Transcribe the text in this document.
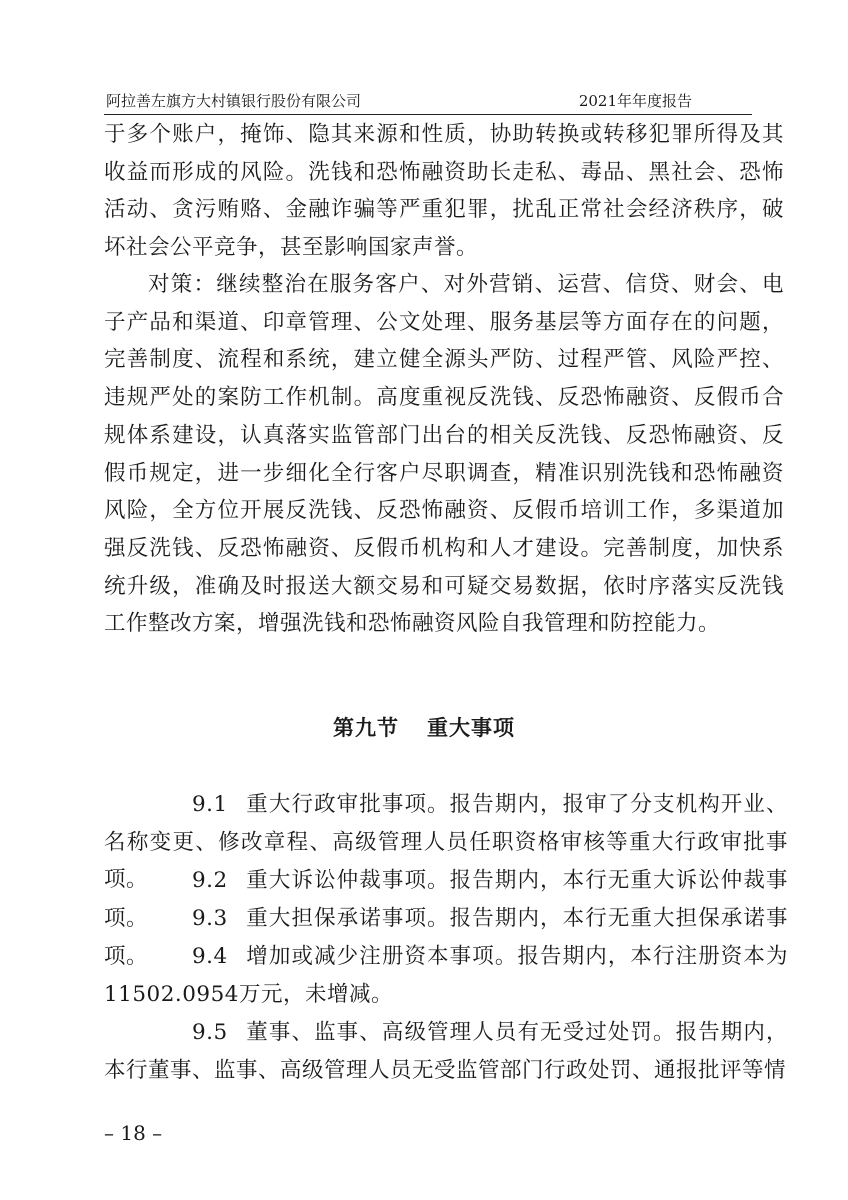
阿拉善左旗方大村镇银行股份有限公司	2021年年度报告

于多个账户，掩饰、隐其来源和性质，协助转换或转移犯罪所得及其收益而形成的风险。洗钱和恐怖融资助长走私、毒品、黑社会、恐怖活动、贪污贿赂、金融诈骗等严重犯罪，扰乱正常社会经济秩序，破坏社会公平竞争，甚至影响国家声誉。

对策：继续整治在服务客户、对外营销、运营、信贷、财会、电子产品和渠道、印章管理、公文处理、服务基层等方面存在的问题，完善制度、流程和系统，建立健全源头严防、过程严管、风险严控、违规严处的案防工作机制。高度重视反洗钱、反恐怖融资、反假币合规体系建设，认真落实监管部门出台的相关反洗钱、反恐怖融资、反假币规定，进一步细化全行客户尽职调查，精准识别洗钱和恐怖融资风险，全方位开展反洗钱、反恐怖融资、反假币培训工作，多渠道加强反洗钱、反恐怖融资、反假币机构和人才建设。完善制度，加快系统升级，准确及时报送大额交易和可疑交易数据，依时序落实反洗钱工作整改方案，增强洗钱和恐怖融资风险自我管理和防控能力。

第九节 重大事项

9.1 重大行政审批事项。报告期内，报审了分支机构开业、名称变更、修改章程、高级管理人员任职资格审核等重大行政审批事项。	9.2 重大诉讼仲裁事项。报告期内，本行无重大诉讼仲裁事项。	9.3 重大担保承诺事项。报告期内，本行无重大担保承诺事项。	9.4 增加或减少注册资本事项。报告期内，本行注册资本为11502.0954万元，未增减。

9.5 董事、监事、高级管理人员有无受过处罚。报告期内，本行董事、监事、高级管理人员无受监管部门行政处罚、通报批评等情

– 18 –
